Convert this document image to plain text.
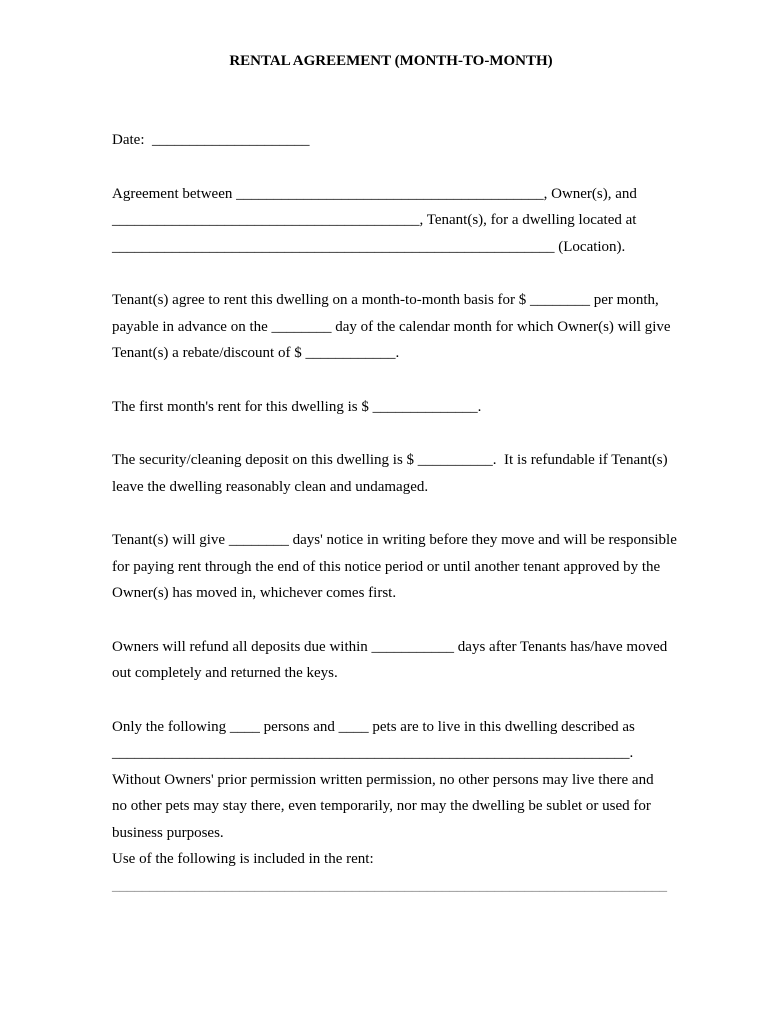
RENTAL AGREEMENT (MONTH-TO-MONTH)
Date:  _____________________
Agreement between _________________________________________, Owner(s), and
_________________________________________, Tenant(s), for a dwelling located at
___________________________________________________________ (Location).
Tenant(s) agree to rent this dwelling on a month-to-month basis for $ ________ per month,
payable in advance on the ________ day of the calendar month for which Owner(s) will give
Tenant(s) a rebate/discount of $ ____________.
The first month's rent for this dwelling is $ ______________.
The security/cleaning deposit on this dwelling is $ __________.  It is refundable if Tenant(s)
leave the dwelling reasonably clean and undamaged.
Tenant(s) will give ________ days' notice in writing before they move and will be responsible
for paying rent through the end of this notice period or until another tenant approved by the
Owner(s) has moved in, whichever comes first.
Owners will refund all deposits due within ___________ days after Tenants has/have moved
out completely and returned the keys.
Only the following ____ persons and ____ pets are to live in this dwelling described as
_____________________________________________________________________.
Without Owners' prior permission written permission, no other persons may live there and
no other pets may stay there, even temporarily, nor may the dwelling be sublet or used for
business purposes.
Use of the following is included in the rent:
__________________________________________________________________________
